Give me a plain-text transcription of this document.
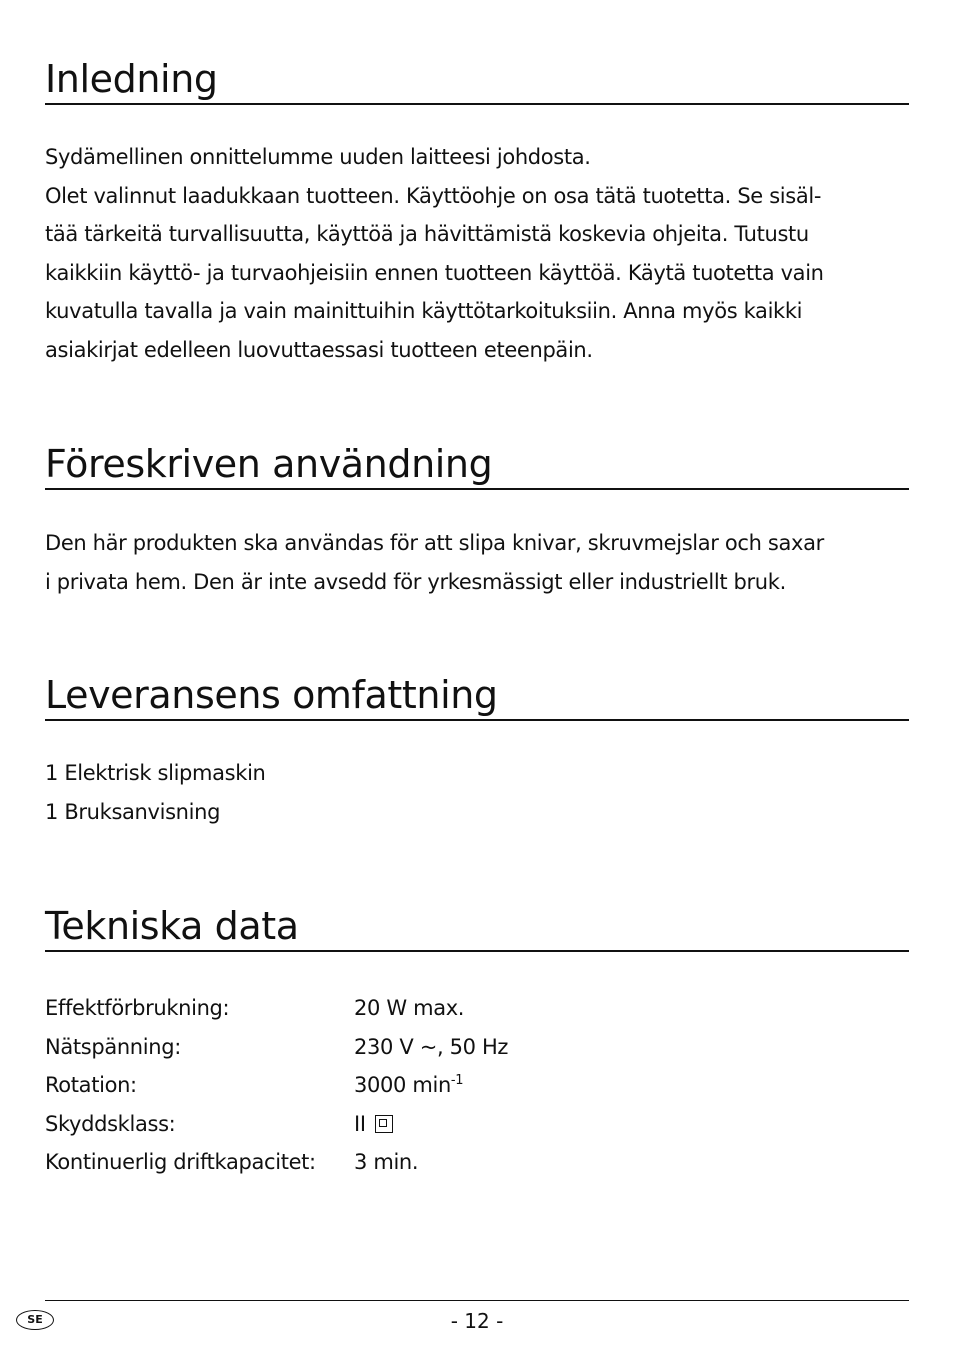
Inledning

Sydämellinen onnittelumme uuden laitteesi johdosta.

Olet valinnut laadukkaan tuotteen. Käyttöohje on osa tätä tuotetta. Se sisäl-

tää tärkeitä turvallisuutta, käyttöä ja hävittämistä koskevia ohjeita. Tutustu

kaikkiin käyttö- ja turvaohjeisiin ennen tuotteen käyttöä. Käytä tuotetta vain

kuvatulla tavalla ja vain mainittuihin käyttötarkoituksiin. Anna myös kaikki

asiakirjat edelleen luovuttaessasi tuotteen eteenpäin.

Föreskriven användning

Den här produkten ska användas för att slipa knivar, skruvmejslar och saxar

i privata hem. Den är inte avsedd för yrkesmässigt eller industriellt bruk.

Leveransens omfattning

1 Elektrisk slipmaskin

1 Bruksanvisning

Tekniska data
Effektförbrukning:	20 W max.
Nätspänning:	230 V ~, 50 Hz
Rotation:	3000 $\min^{-1}$
Skyddsklass:	II
Kontinuerlig driftkapacitet:	3 min.
SE	- 12 -
